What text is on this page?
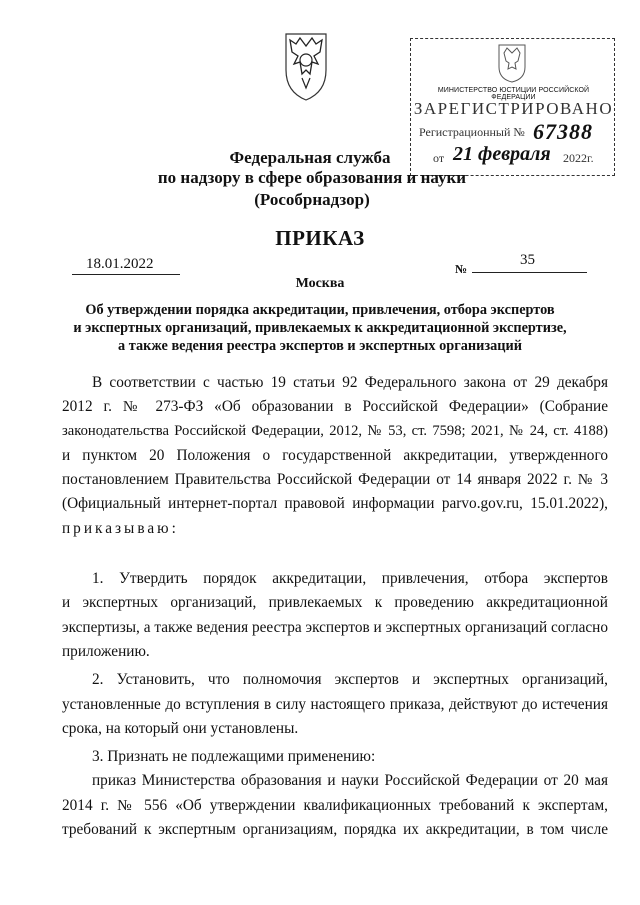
МИНИСТЕРСТВО ЮСТИЦИИ РОССИЙСКОЙ ФЕДЕРАЦИИ
ЗАРЕГИСТРИРОВАНО
Регистрационный № 67388
от 21 февраля 2022г.
Федеральная служба
по надзору в сфере образования и науки
(Рособрнадзор)
ПРИКАЗ
18.01.2022	№
35
Москва
Об утверждении порядка аккредитации, привлечения, отбора экспертов
и экспертных организаций, привлекаемых к аккредитационной экспертизе,
а также ведения реестра экспертов и экспертных организаций
В соответствии с частью 19 статьи 92 Федерального закона от 29 декабря
2012 г. № 273-ФЗ «Об образовании в Российской Федерации» (Собрание
законодательства Российской Федерации, 2012, № 53, ст. 7598; 2021, № 24, ст. 4188)
и пунктом 20 Положения о государственной аккредитации, утвержденного
постановлением Правительства Российской Федерации от 14 января 2022 г. № 3
(Официальный интернет-портал правовой информации parvo.gov.ru, 15.01.2022),
приказываю:
1. Утвердить порядок аккредитации, привлечения, отбора экспертов
и экспертных организаций, привлекаемых к проведению аккредитационной
экспертизы, а также ведения реестра экспертов и экспертных организаций согласно
приложению.
2. Установить, что полномочия экспертов и экспертных организаций,
установленные до вступления в силу настоящего приказа, действуют до истечения
срока, на который они установлены.
3. Признать не подлежащими применению:
приказ Министерства образования и науки Российской Федерации от 20 мая
2014 г. № 556 «Об утверждении квалификационных требований к экспертам,
требований к экспертным организациям, порядка их аккредитации, в том числе
